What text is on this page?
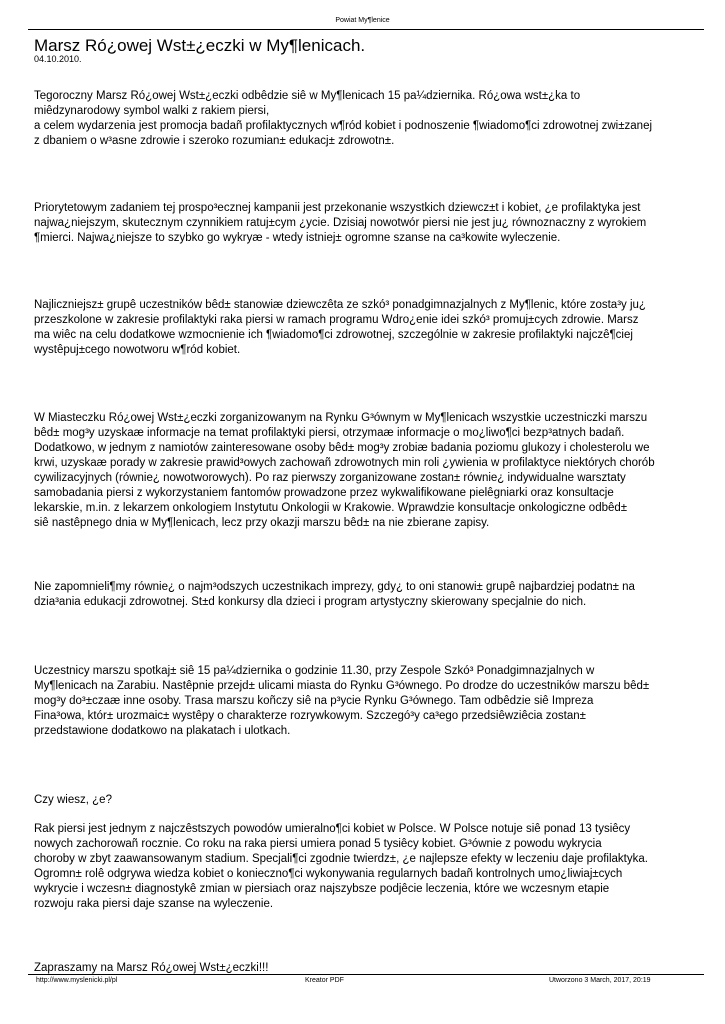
Powiat My¶lenice
Marsz Ró¿owej Wst±¿eczki w My¶lenicach.
04.10.2010.

Tegoroczny Marsz Ró¿owej Wst±¿eczki odbêdzie siê w My¶lenicach 15 pa¼dziernika. Ró¿owa wst±¿ka to
miêdzynarodowy symbol walki z rakiem piersi,
a celem wydarzenia jest promocja badañ profilaktycznych w¶ród kobiet i podnoszenie ¶wiadomo¶ci zdrowotnej zwi±zanej
z dbaniem o w³asne zdrowie i szeroko rozumian± edukacj± zdrowotn±.

Priorytetowym zadaniem tej prospo³ecznej kampanii jest przekonanie wszystkich dziewcz±t i kobiet, ¿e profilaktyka jest
najwa¿niejszym, skutecznym czynnikiem ratuj±cym ¿ycie. Dzisiaj nowotwór piersi nie jest ju¿ równoznaczny z wyrokiem
¶mierci. Najwa¿niejsze to szybko go wykryæ - wtedy istniej± ogromne szanse na ca³kowite wyleczenie.

Najliczniejsz± grupê uczestników bêd± stanowiæ dziewczêta ze szkó³ ponadgimnazjalnych z My¶lenic, które zosta³y ju¿
przeszkolone w zakresie profilaktyki raka piersi w ramach programu Wdro¿enie idei szkó³ promuj±cych zdrowie. Marsz
ma wiêc na celu dodatkowe wzmocnienie ich ¶wiadomo¶ci zdrowotnej, szczególnie w zakresie profilaktyki najczê¶ciej
wystêpuj±cego nowotworu w¶ród kobiet.

W Miasteczku Ró¿owej Wst±¿eczki zorganizowanym na Rynku G³ównym w My¶lenicach wszystkie uczestniczki marszu
bêd± mog³y uzyskaæ informacje na temat profilaktyki piersi, otrzymaæ informacje o mo¿liwo¶ci bezp³atnych badañ.
Dodatkowo, w jednym z namiotów zainteresowane osoby bêd± mog³y zrobiæ badania poziomu glukozy i cholesterolu we
krwi, uzyskaæ porady w zakresie prawid³owych zachowañ zdrowotnych min roli ¿ywienia w profilaktyce niektórych chorób
cywilizacyjnych (równie¿ nowotworowych). Po raz pierwszy zorganizowane zostan± równie¿ indywidualne warsztaty
samobadania piersi z wykorzystaniem fantomów prowadzone przez wykwalifikowane pielêgniarki oraz konsultacje
lekarskie, m.in. z lekarzem onkologiem Instytutu Onkologii w Krakowie. Wprawdzie konsultacje onkologiczne odbêd±
siê nastêpnego dnia w My¶lenicach, lecz przy okazji marszu bêd± na nie zbierane zapisy.

Nie zapomnieli¶my równie¿ o najm³odszych uczestnikach imprezy, gdy¿ to oni stanowi± grupê najbardziej podatn± na
dzia³ania edukacji zdrowotnej. St±d konkursy dla dzieci i program artystyczny skierowany specjalnie do nich.

Uczestnicy marszu spotkaj± siê 15 pa¼dziernika o godzinie 11.30, przy Zespole Szkó³ Ponadgimnazjalnych w
My¶lenicach na Zarabiu. Nastêpnie przejd± ulicami miasta do Rynku G³ównego. Po drodze do uczestników marszu bêd±
mog³y do³±czaæ inne osoby. Trasa marszu koñczy siê na p³ycie Rynku G³ównego. Tam odbêdzie siê Impreza
Fina³owa, któr± urozmaic± wystêpy o charakterze rozrywkowym. Szczegó³y ca³ego przedsiêwziêcia zostan±
przedstawione dodatkowo na plakatach i ulotkach.

Czy wiesz, ¿e?

Rak piersi jest jednym z najczêstszych powodów umieralno¶ci kobiet w Polsce. W Polsce notuje siê ponad 13 tysiêcy
nowych zachorowañ rocznie. Co roku na raka piersi umiera ponad 5 tysiêcy kobiet. G³ównie z powodu wykrycia
choroby w zbyt zaawansowanym stadium. Specjali¶ci zgodnie twierdz±, ¿e najlepsze efekty w leczeniu daje profilaktyka.
Ogromn± rolê odgrywa wiedza kobiet o konieczno¶ci wykonywania regularnych badañ kontrolnych umo¿liwiaj±cych
wykrycie i wczesn± diagnostykê zmian w piersiach oraz najszybsze podjêcie leczenia, które we wczesnym etapie
rozwoju raka piersi daje szanse na wyleczenie.

Zapraszamy na Marsz Ró¿owej Wst±¿eczki!!!

http://www.myslenicki.pl/pl	Kreator PDF	Utworzono 3 March, 2017, 20:19
